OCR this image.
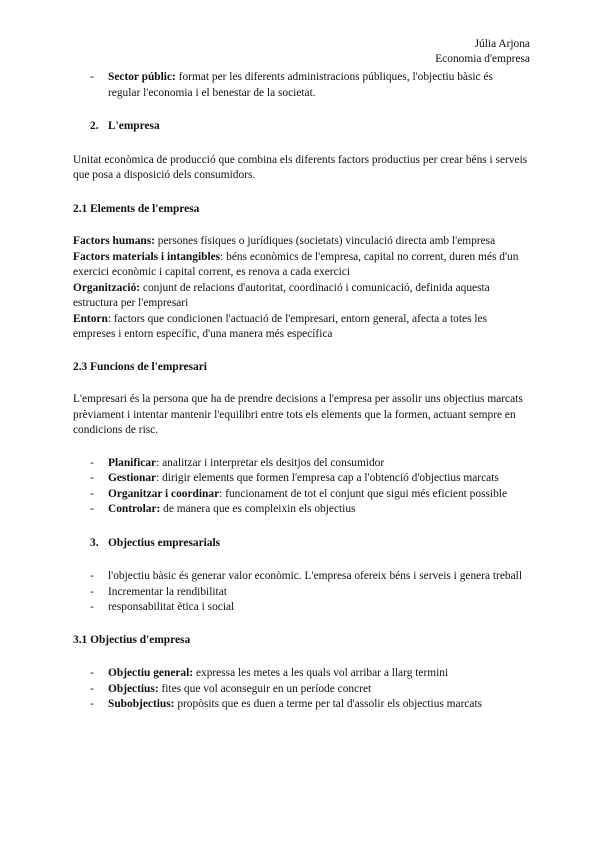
Júlia Arjona
Economia d'empresa
- Sector públic: format per les diferents administracions públiques, l'objectiu bàsic és regular l'economia i el benestar de la societat.
2. L'empresa

Unitat econòmica de producció que combina els diferents factors productius per crear béns i serveis que posa a disposició dels consumidors.

2.1 Elements de l'empresa

Factors humans: persones físiques o jurídiques (societats) vinculació directa amb l'empresa

Factors materials i intangibles: béns econòmics de l'empresa, capital no corrent, duren més d'un exercici econòmic i capital corrent, es renova a cada exercici

Organització: conjunt de relacions d'autoritat, coordinació i comunicació, definida aquesta estructura per l'empresari

Entorn: factors que condicionen l'actuació de l'empresari, entorn general, afecta a totes les empreses i entorn específic, d'una manera més específica

2.3 Funcions de l'empresari

L'empresari és la persona que ha de prendre decisions a l'empresa per assolir uns objectius marcats prèviament i intentar mantenir l'equilibri entre tots els elements que la formen, actuant sempre en condicions de risc.

- Planificar: analitzar i interpretar els desitjos del consumidor
- Gestionar: dirigir elements que formen l'empresa cap a l'obtenció d'objectius marcats
- Organitzar i coordinar: funcionament de tot el conjunt que sigui més eficient possible
- Controlar: de manera que es compleixin els objectius
3. Objectius empresarials
- l'objectiu bàsic és generar valor econòmic. L'empresa ofereix béns i serveis i genera treball
- Incrementar la rendibilitat
- responsabilitat ètica i social
3.1 Objectius d'empresa
- Objectiu general: expressa les metes a les quals vol arribar a llarg termini
- Objectius: fites que vol aconseguir en un període concret
- Subobjectius: propòsits que es duen a terme per tal d'assolir els objectius marcats
